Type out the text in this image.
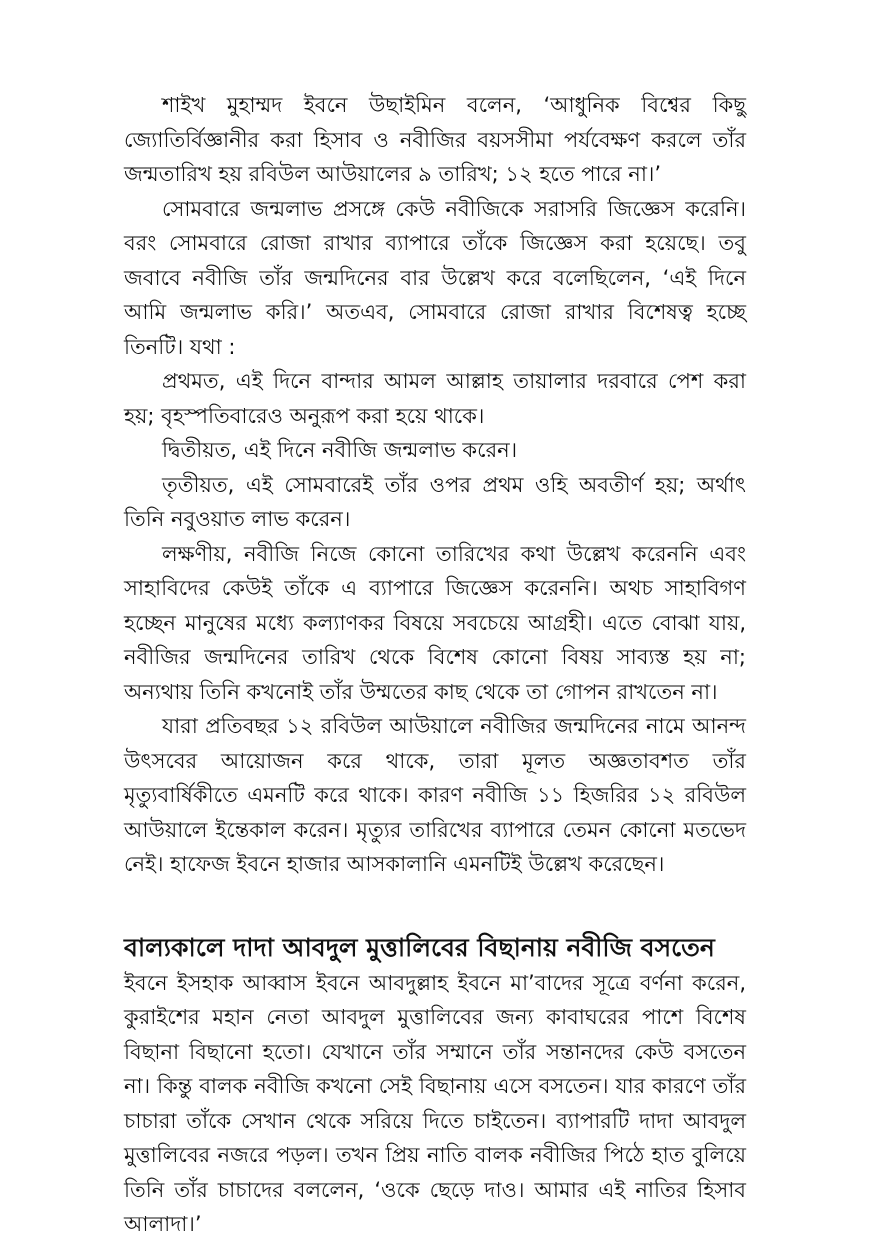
শাইখ মুহাম্মদ ইবনে উছাইমিন বলেন, ‘আধুনিক বিশ্বের কিছু জ্যোতির্বিজ্ঞানীর করা হিসাব ও নবীজির বয়সসীমা পর্যবেক্ষণ করলে তাঁর জন্মতারিখ হয় রবিউল আউয়ালের ৯ তারিখ; ১২ হতে পারে না।’

সোমবারে জন্মলাভ প্রসঙ্গে কেউ নবীজিকে সরাসরি জিজ্ঞেস করেনি। বরং সোমবারে রোজা রাখার ব্যাপারে তাঁকে জিজ্ঞেস করা হয়েছে। তবু জবাবে নবীজি তাঁর জন্মদিনের বার উল্লেখ করে বলেছিলেন, ‘এই দিনে আমি জন্মলাভ করি।’ অতএব, সোমবারে রোজা রাখার বিশেষত্ব হচ্ছে তিনটি। যথা :

প্রথমত, এই দিনে বান্দার আমল আল্লাহ তায়ালার দরবারে পেশ করা হয়; বৃহস্পতিবারেও অনুরূপ করা হয়ে থাকে।

দ্বিতীয়ত, এই দিনে নবীজি জন্মলাভ করেন।

তৃতীয়ত, এই সোমবারেই তাঁর ওপর প্রথম ওহি অবতীর্ণ হয়; অর্থাৎ তিনি নবুওয়াত লাভ করেন।

লক্ষণীয়, নবীজি নিজে কোনো তারিখের কথা উল্লেখ করেননি এবং সাহাবিদের কেউই তাঁকে এ ব্যাপারে জিজ্ঞেস করেননি। অথচ সাহাবিগণ হচ্ছেন মানুষের মধ্যে কল্যাণকর বিষয়ে সবচেয়ে আগ্রহী। এতে বোঝা যায়, নবীজির জন্মদিনের তারিখ থেকে বিশেষ কোনো বিষয় সাব্যস্ত হয় না; অন্যথায় তিনি কখনোই তাঁর উম্মতের কাছ থেকে তা গোপন রাখতেন না।

যারা প্রতিবছর ১২ রবিউল আউয়ালে নবীজির জন্মদিনের নামে আনন্দ উৎসবের আয়োজন করে থাকে, তারা মূলত অজ্ঞতাবশত তাঁর মৃত্যুবার্ষিকীতে এমনটি করে থাকে। কারণ নবীজি ১১ হিজরির ১২ রবিউল আউয়ালে ইন্তেকাল করেন। মৃত্যুর তারিখের ব্যাপারে তেমন কোনো মতভেদ নেই। হাফেজ ইবনে হাজার আসকালানি এমনটিই উল্লেখ করেছেন।

বাল্যকালে দাদা আবদুল মুত্তালিবের বিছানায় নবীজি বসতেন

ইবনে ইসহাক আব্বাস ইবনে আবদুল্লাহ ইবনে মা’বাদের সূত্রে বর্ণনা করেন, কুরাইশের মহান নেতা আবদুল মুত্তালিবের জন্য কাবাঘরের পাশে বিশেষ বিছানা বিছানো হতো। যেখানে তাঁর সম্মানে তাঁর সন্তানদের কেউ বসতেন না। কিন্তু বালক নবীজি কখনো সেই বিছানায় এসে বসতেন। যার কারণে তাঁর চাচারা তাঁকে সেখান থেকে সরিয়ে দিতে চাইতেন। ব্যাপারটি দাদা আবদুল মুত্তালিবের নজরে পড়ল। তখন প্রিয় নাতি বালক নবীজির পিঠে হাত বুলিয়ে তিনি তাঁর চাচাদের বললেন, ‘ওকে ছেড়ে দাও। আমার এই নাতির হিসাব আলাদা।’
